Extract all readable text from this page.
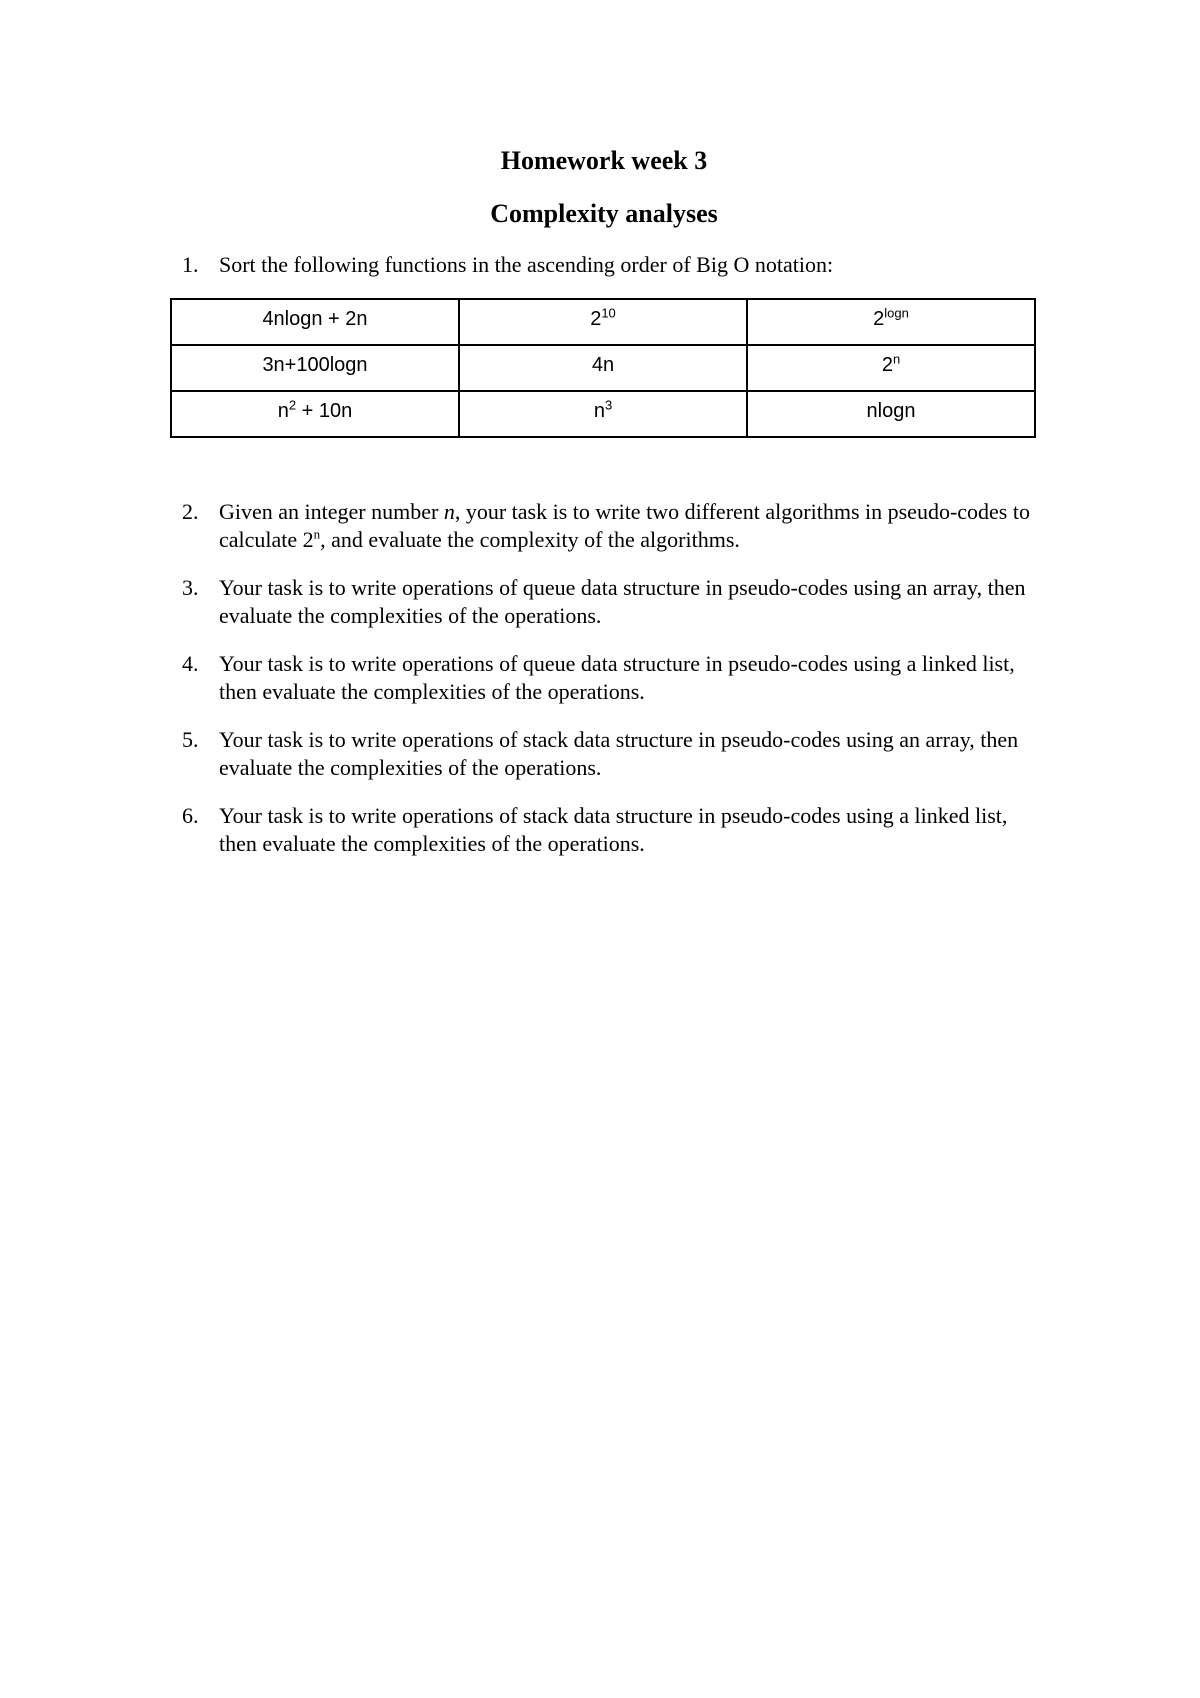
Homework week 3
Complexity analyses
1. Sort the following functions in the ascending order of Big O notation:
4nlogn + 2n	$2^{10}$	$2^{logn}$
3n+100logn	4n	2$^n$
$n^2 + 10n$	$n^3$	nlogn
2. Given an integer number n, your task is to write two different algorithms in pseudo-codes to calculate 2$^n$, and evaluate the complexity of the algorithms.
3. Your task is to write operations of queue data structure in pseudo-codes using an array, then evaluate the complexities of the operations.
4. Your task is to write operations of queue data structure in pseudo-codes using a linked list, then evaluate the complexities of the operations.
5. Your task is to write operations of stack data structure in pseudo-codes using an array, then evaluate the complexities of the operations.
6. Your task is to write operations of stack data structure in pseudo-codes using a linked list, then evaluate the complexities of the operations.
